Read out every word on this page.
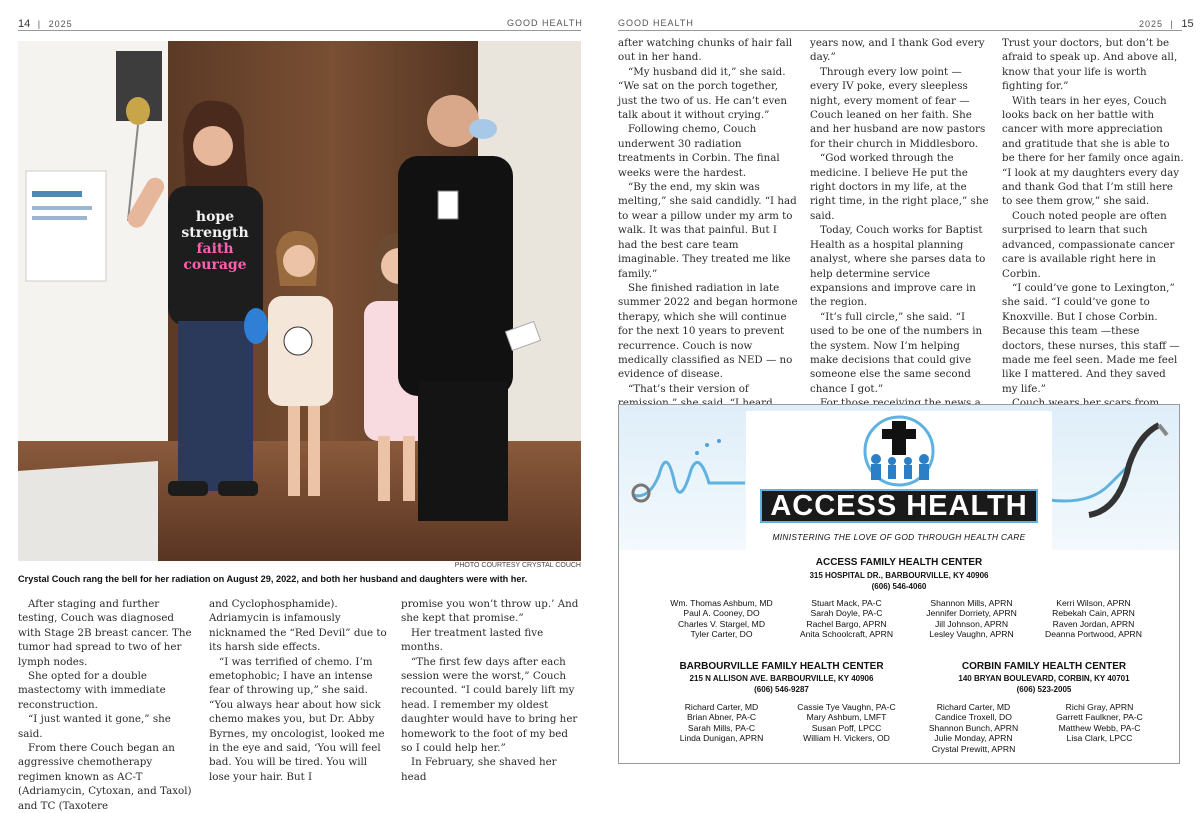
14 | 2025	GOOD HEALTH
hope
strength
faith
courage
PHOTO COURTESY CRYSTAL COUCH
Crystal Couch rang the bell for her radiation on August 29, 2022, and both her husband and daughters were with her.

After staging and further testing, Couch was diagnosed with Stage 2B breast cancer. The tumor had spread to two of her lymph nodes.

She opted for a double mastectomy with immediate reconstruction.

“I just wanted it gone,” she said.

From there Couch began an aggressive chemotherapy regimen known as AC-T (Adriamycin, Cytoxan, and Taxol) and TC (Taxotere

and Cyclophosphamide). Adriamycin is infamously nicknamed the “Red Devil” due to its harsh side effects.

“I was terrified of chemo. I’m emetophobic; I have an intense fear of throwing up,” she said. “You always hear about how sick chemo makes you, but Dr. Abby Byrnes, my oncologist, looked me in the eye and said, ‘You will feel bad. You will be tired. You will lose your hair. But I

promise you won’t throw up.’ And she kept that promise.”

Her treatment lasted five months.

“The first few days after each session were the worst,” Couch recounted. “I could barely lift my head. I remember my oldest daughter would have to bring her homework to the foot of my bed so I could help her.”

In February, she shaved her head

GOOD HEALTH	2025 | 15

after watching chunks of hair fall out in her hand.

“My husband did it,” she said. “We sat on the porch together, just the two of us. He can’t even talk about it without crying.”

Following chemo, Couch underwent 30 radiation treatments in Corbin. The final weeks were the hardest.

“By the end, my skin was melting,” she said candidly. “I had to wear a pillow under my arm to walk. It was that painful. But I had the best care team imaginable. They treated me like family.”

She finished radiation in late summer 2022 and began hormone therapy, which she will continue for the next 10 years to prevent recurrence. Couch is now medically classified as NED — no evidence of disease.

“That’s their version of

years now, and I thank God every day.”

Through every low point —every IV poke, every sleepless night, every moment of fear —Couch leaned on her faith. She and her husband are now pastors for their church in Middlesboro.

“God worked through the medicine. I believe He put the right doctors in my life, at the right time, in the right place,” she said.

Today, Couch works for Baptist Health as a hospital planning analyst, where she parses data to help determine service expansions and improve care in the region.

“It’s full circle,” she said. “I used to be one of the numbers in the system. Now I’m helping make decisions that could give someone else the same second chance I got.”

Trust your doctors, but don’t be afraid to speak up. And above all, know that your life is worth fighting for.”

With tears in her eyes, Couch looks back on her battle with cancer with more appreciation and gratitude that she is able to be there for her family once again. “I look at my daughters every day and thank God that I’m still here to see them grow,” she said.

Couch noted people are often surprised to learn that such advanced, compassionate cancer care is available right here in Corbin.

“I could’ve gone to Lexington,” she said. “I could’ve gone to Knoxville. But I chose Corbin. Because this team —these doctors, these nurses, this staff — made me feel seen. Made me feel like I mattered. And they saved my life.”

ACCESS HEALTH
MINISTERING THE LOVE OF GOD THROUGH HEALTH CARE
ACCESS FAMILY HEALTH CENTER
315 HOSPITAL DR., BARBOURVILLE, KY 40906
(606) 546-4060
Wm. Thomas Ashbum, MD
Paul A. Cooney, DO
Charles V. Stargel, MD
Tyler Carter, DO
Stuart Mack, PA-C
Sarah Doyle, PA-C
Rachel Bargo, APRN
Anita Schoolcraft, APRN
Shannon Mills, APRN
Jennifer Dorriety, APRN
Jill Johnson, APRN
Lesley Vaughn, APRN
Kerri Wilson, APRN
Rebekah Cain, APRN
Raven Jordan, APRN
Deanna Portwood, APRN
BARBOURVILLE FAMILY HEALTH CENTER
215 N ALLISON AVE. BARBOURVILLE, KY 40906
(606) 546-9287
Richard Carter, MD
Brian Abner, PA-C
Sarah Mills, PA-C
Linda Dunigan, APRN
Cassie Tye Vaughn, PA-C
Mary Ashbum, LMFT
Susan Poff, LPCC
William H. Vickers, OD
CORBIN FAMILY HEALTH CENTER
140 BRYAN BOULEVARD, CORBIN, KY 40701
(606) 523-2005
Richard Carter, MD
Candice Troxell, DO
Shannon Bunch, APRN
Julie Monday, APRN
Crystal Prewitt, APRN
Richi Gray, APRN
Garrett Faulkner, PA-C
Matthew Webb, PA-C
Lisa Clark, LPCC
